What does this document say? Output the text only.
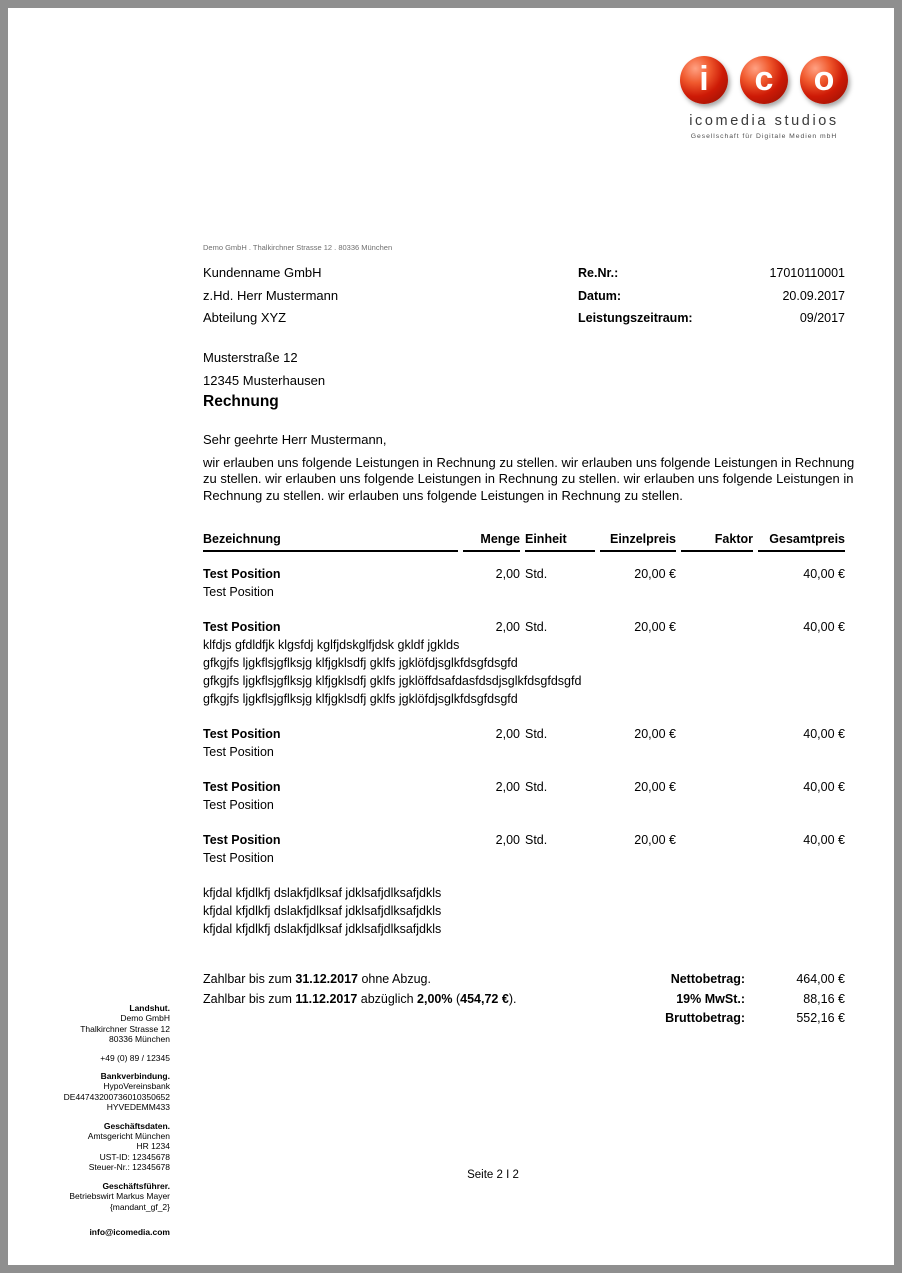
i c o
icomedia studios
Gesellschaft für Digitale Medien mbH
Demo GmbH . Thalkirchner Strasse 12 . 80336 München
Kundenname GmbH
z.Hd. Herr Mustermann
Abteilung XYZ
Re.Nr.:	17010110001
Datum:	20.09.2017
Leistungszeitraum:	09/2017
Musterstraße 12
12345 Musterhausen
Rechnung
Sehr geehrte Herr Mustermann,
wir erlauben uns folgende Leistungen in Rechnung zu stellen. wir erlauben uns folgende Leistungen in Rechnung zu stellen. wir erlauben uns folgende Leistungen in Rechnung zu stellen. wir erlauben uns folgende Leistungen in Rechnung zu stellen. wir erlauben uns folgende Leistungen in Rechnung zu stellen.
Bezeichnung	Menge	Einheit	Einzelpreis	Faktor	Gesamtpreis

Test Position	2,00	Std.	20,00 €		40,00 €
Test Position					

Test Position	2,00	Std.	20,00 €		40,00 €
klfdjs gfdldfjk klgsfdj kglfjdskglfjdsk gkldf jgklds					
gfkgjfs ljgkflsjgflksjg klfjgklsdfj gklfs jgklöfdjsglkfdsgfdsgfd					
gfkgjfs ljgkflsjgflksjg klfjgklsdfj gklfs jgklöffdsafdasfdsdjsglkfdsgfdsgfd					
gfkgjfs ljgkflsjgflksjg klfjgklsdfj gklfs jgklöfdjsglkfdsgfdsgfd					

Test Position	2,00	Std.	20,00 €		40,00 €
Test Position					

Test Position	2,00	Std.	20,00 €		40,00 €
Test Position					

Test Position	2,00	Std.	20,00 €		40,00 €
Test Position					

kfjdal kfjdlkfj dslakfjdlksaf jdklsafjdlksafjdkls					
kfjdal kfjdlkfj dslakfjdlksaf jdklsafjdlksafjdkls					
kfjdal kfjdlkfj dslakfjdlksaf jdklsafjdlksafjdkls					

Zahlbar bis zum 31.12.2017 ohne Abzug.

Zahlbar bis zum 11.12.2017 abzüglich 2,00% (454,72 €).

Nettobetrag:	464,00 €
19% MwSt.:	88,16 €
Bruttobetrag:	552,16 €
Landshut.
Demo GmbH
Thalkirchner Strasse 12
80336 München
+49 (0) 89 / 12345
Bankverbindung.
HypoVereinsbank
DE44743200736010350652
HYVEDEMM433
Geschäftsdaten.
Amtsgericht München
HR 1234
UST-ID: 12345678
Steuer-Nr.: 12345678
Geschäftsführer.
Betriebswirt Markus Mayer
{mandant_gf_2}
info@icomedia.com
Seite 2 I 2
